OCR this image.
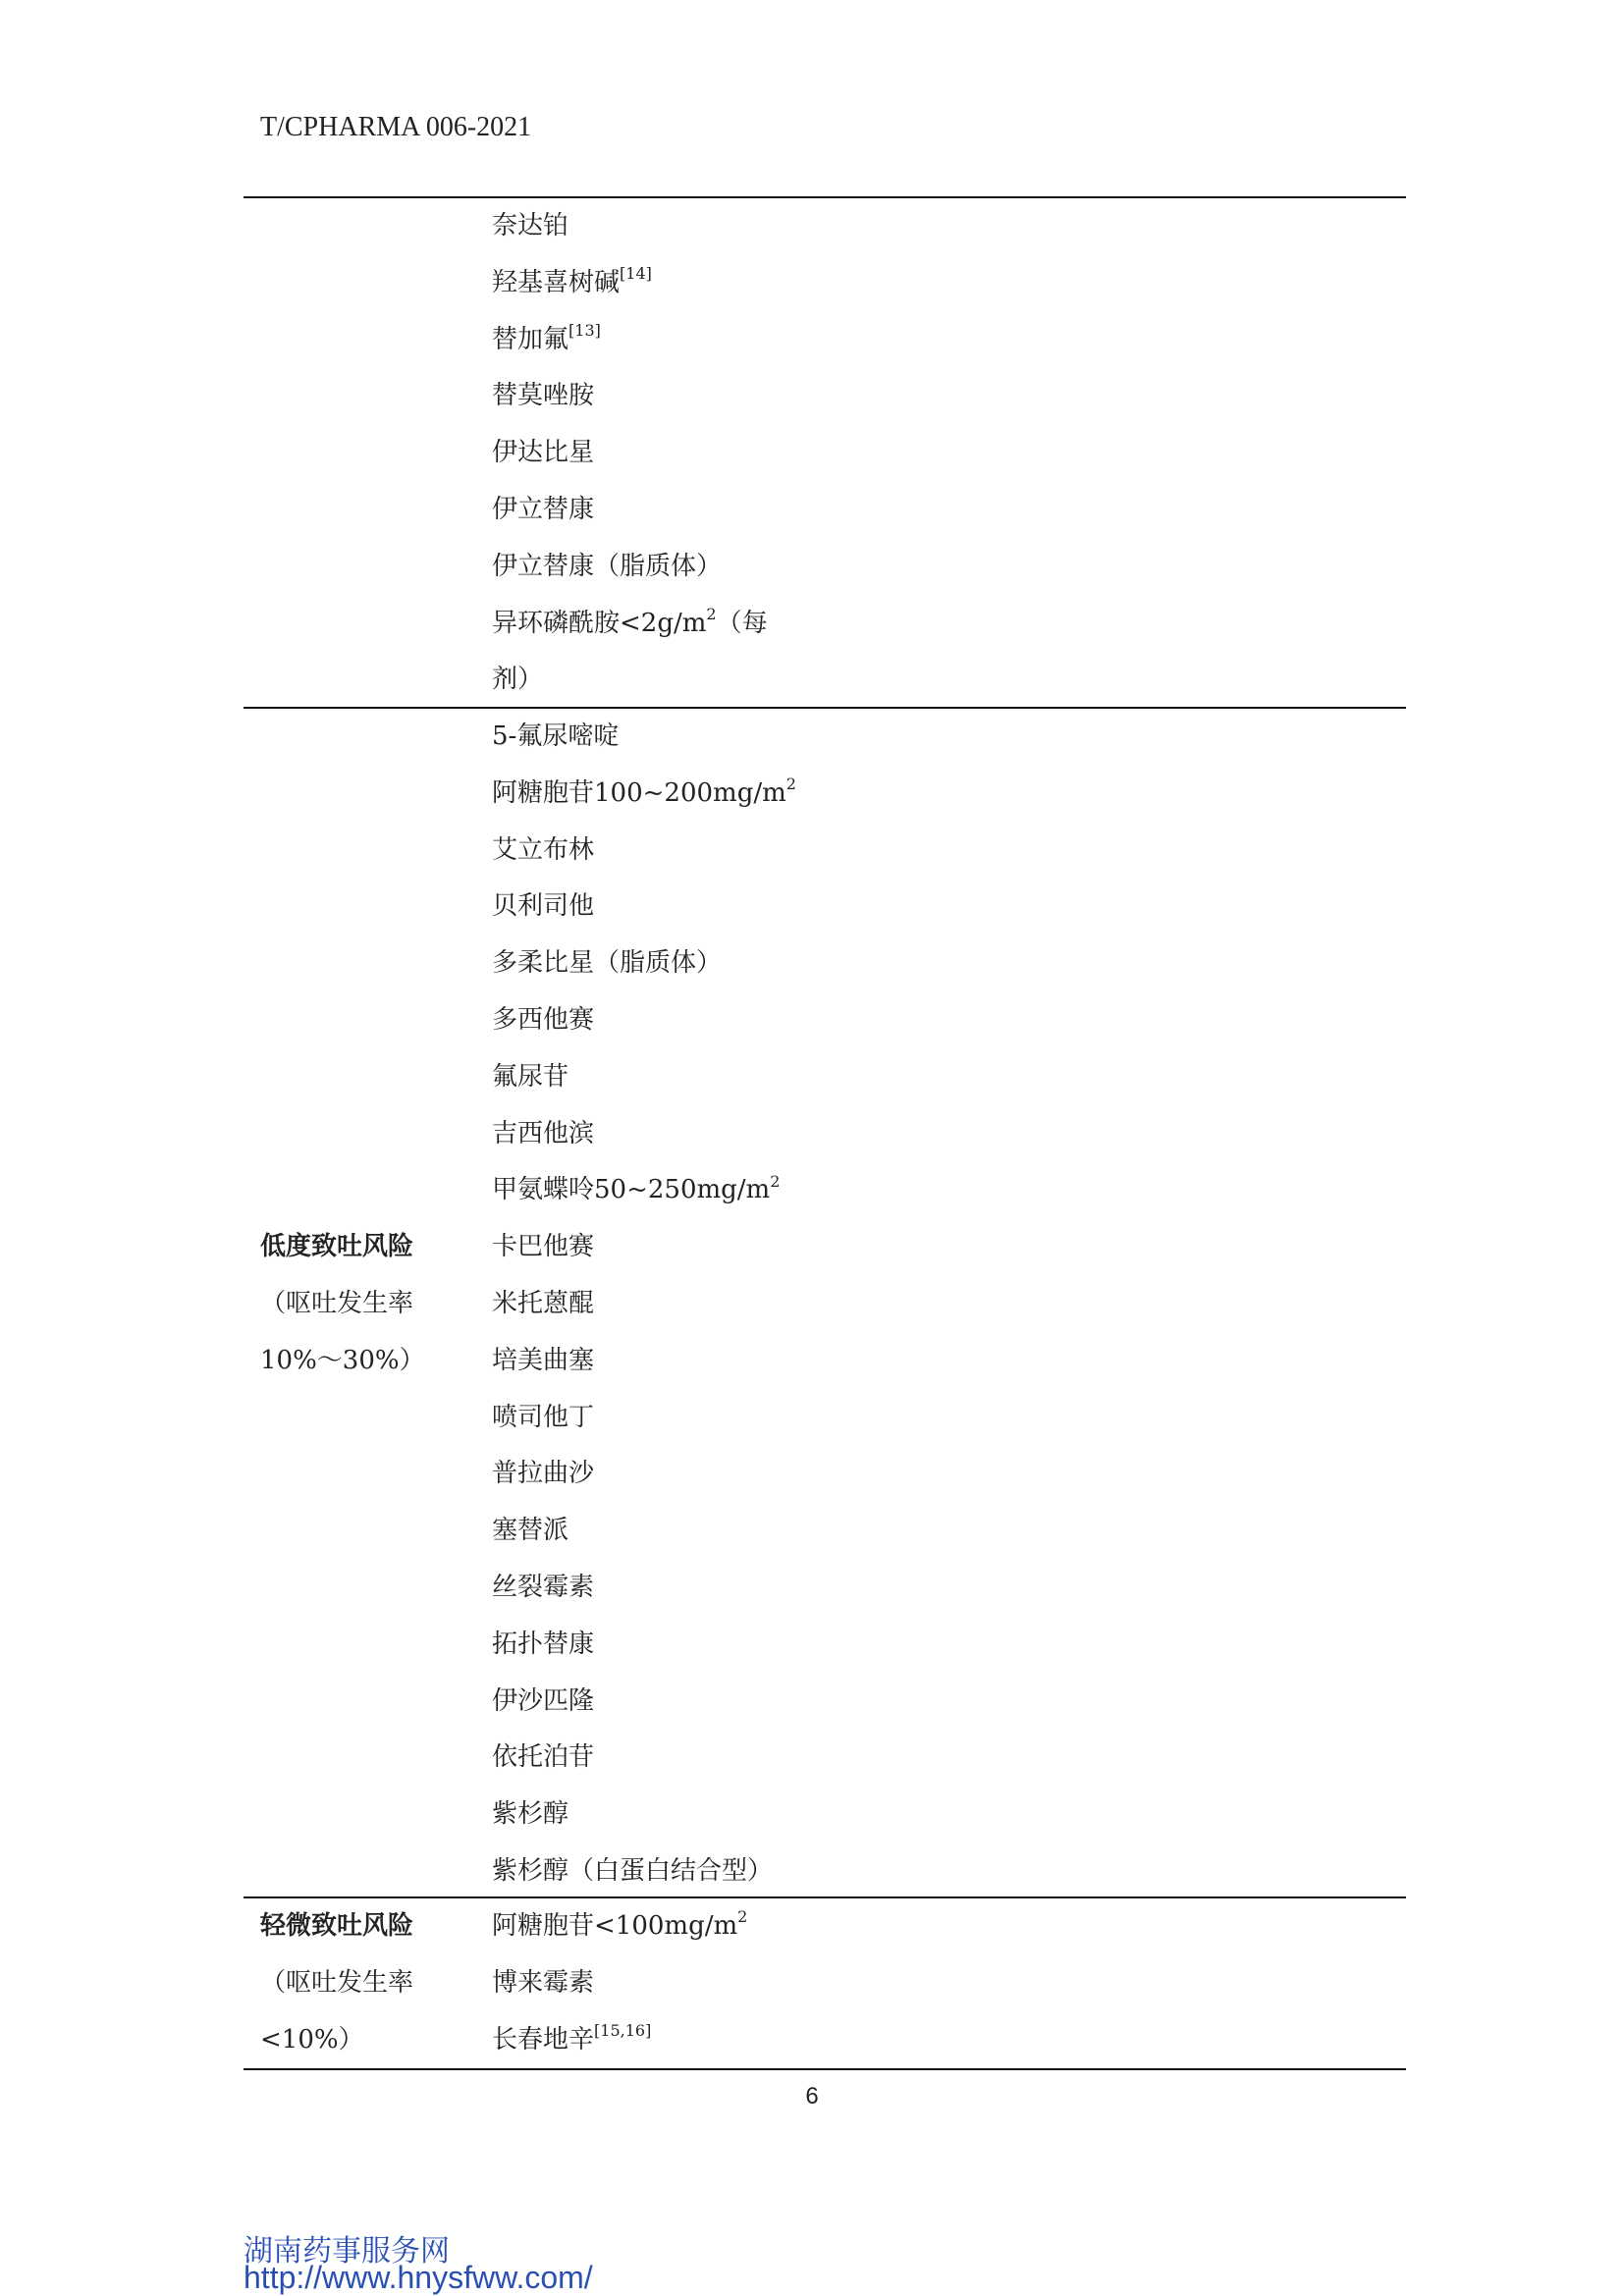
T/CPHARMA 006-2021
奈达铂
羟基喜树碱[14]
替加氟[13]
替莫唑胺
伊达比星
伊立替康
伊立替康（脂质体）
异环磷酰胺$<2g/m^2$（每
剂）
低度致吐风险
（呕吐发生率
10%～30%）
5-氟尿嘧啶
阿糖胞苷$100\sim 200mg/m^2$
艾立布林
贝利司他
多柔比星（脂质体）
多西他赛
氟尿苷
吉西他滨
甲氨蝶呤$50\sim 250mg/m^2$
卡巴他赛
米托蒽醌
培美曲塞
喷司他丁
普拉曲沙
塞替派
丝裂霉素
拓扑替康
伊沙匹隆
依托泊苷
紫杉醇
紫杉醇（白蛋白结合型）
轻微致吐风险
（呕吐发生率
<10%）
阿糖胞苷$<100mg/m^2$
博来霉素
长春地辛[15,16]
6
湖南药事服务网
http://www.hnysfww.com/
